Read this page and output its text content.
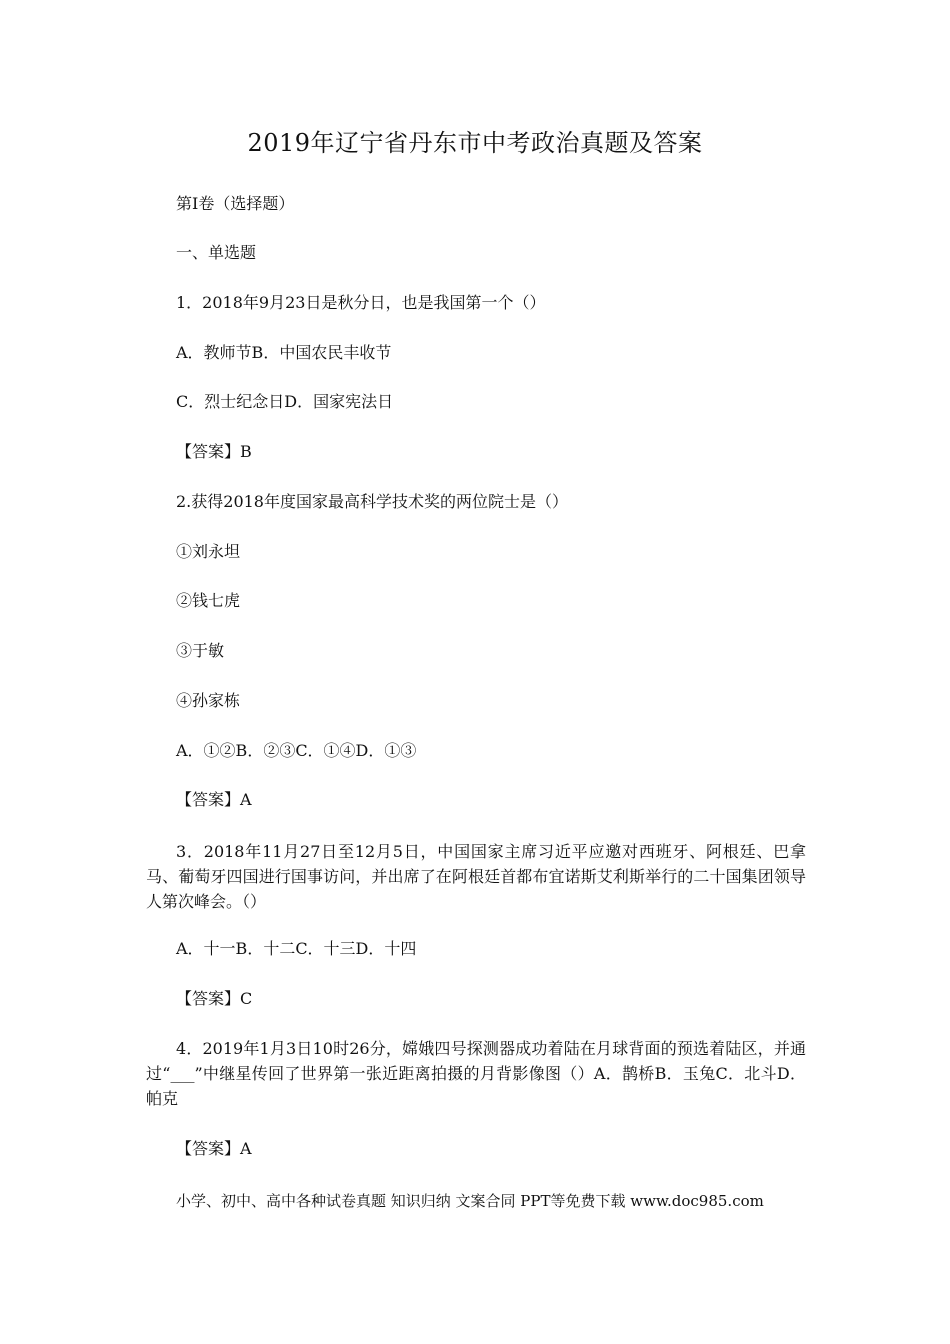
2019年辽宁省丹东市中考政治真题及答案
第Ⅰ卷（选择题）
一、单选题
1．2018年9月23日是秋分日，也是我国第一个（）
A．教师节B．中国农民丰收节
C．烈士纪念日D．国家宪法日
【答案】B
2.获得2018年度国家最高科学技术奖的两位院士是（）
①刘永坦
②钱七虎
③于敏
④孙家栋
A．①②B．②③C．①④D．①③
【答案】A
3．2018年11月27日至12月5日，中国国家主席习近平应邀对西班牙、阿根廷、巴拿马、葡萄牙四国进行国事访问，并出席了在阿根廷首都布宜诺斯艾利斯举行的二十国集团领导人第次峰会。（）
A．十一B．十二C．十三D．十四
【答案】C
4．2019年1月3日10时26分，嫦娥四号探测器成功着陆在月球背面的预选着陆区，并通过“___”中继星传回了世界第一张近距离拍摄的月背影像图（）A．鹊桥B．玉兔C．北斗D．帕克
【答案】A
小学、初中、高中各种试卷真题 知识归纳 文案合同 PPT等免费下载 www.doc985.com
